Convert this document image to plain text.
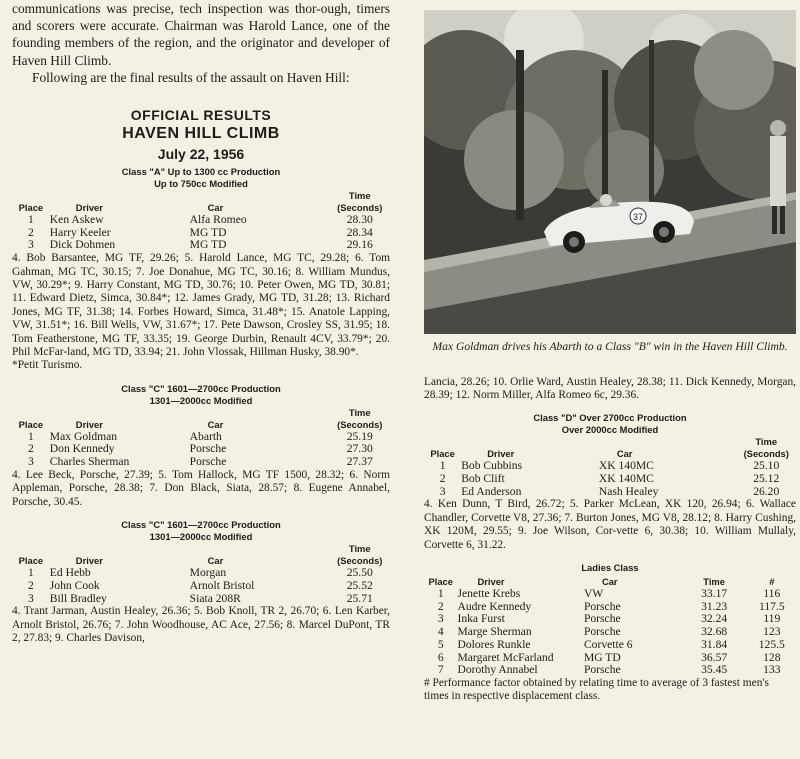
communications was precise, tech inspection was thor-ough, timers and scorers were accurate. Chairman was Harold Lance, one of the founding members of the region, and the originator and developer of Haven Hill Climb.

Following are the final results of the assault on Haven Hill:

OFFICIAL RESULTS
HAVEN HILL CLIMB
July 22, 1956
Class "A" Up to 1300 cc Production
Up to 750cc Modified
			Time
Place	Driver	Car	(Seconds)
1	Ken Askew	Alfa Romeo	28.30
2	Harry Keeler	MG TD	28.34
3	Dick Dohmen	MG TD	29.16

4. Bob Barsantee, MG TF, 29.26; 5. Harold Lance, MG TC, 29.28; 6. Tom Gahman, MG TC, 30.15; 7. Joe Donahue, MG TC, 30.16; 8. William Mundus, VW, 30.29*; 9. Harry Constant, MG TD, 30.76; 10. Peter Owen, MG TD, 30.81; 11. Edward Dietz, Simca, 30.84*; 12. James Grady, MG TD, 31.28; 13. Richard Jones, MG TF, 31.38; 14. Forbes Howard, Simca, 31.48*; 15. Anatole Lapping, VW, 31.51*; 16. Bill Wells, VW, 31.67*; 17. Pete Dawson, Crosley SS, 31.95; 18. Tom Featherstone, MG TF, 33.35; 19. George Durbin, Renault 4CV, 33.79*; 20. Phil McFar-land, MG TD, 33.94; 21. John Vlossak, Hillman Husky, 38.90*.

*Petit Turismo.

Class "C" 1601—2700cc Production
1301—2000cc Modified
			Time
Place	Driver	Car	(Seconds)
1	Max Goldman	Abarth	25.19
2	Don Kennedy	Porsche	27.30
3	Charles Sherman	Porsche	27.37

4. Lee Beck, Porsche, 27.39; 5. Tom Hallock, MG TF 1500, 28.32; 6. Norm Appleman, Porsche, 28.38; 7. Don Black, Siata, 28.57; 8. Eugene Annabel, Porsche, 30.45.

Class "C" 1601—2700cc Production
1301—2000cc Modified
			Time
Place	Driver	Car	(Seconds)
1	Ed Hebb	Morgan	25.50
2	John Cook	Arnolt Bristol	25.52
3	Bill Bradley	Siata 208R	25.71

4. Trant Jarman, Austin Healey, 26.36; 5. Bob Knoll, TR 2, 26.70; 6. Len Karber, Arnolt Bristol, 26.76; 7. John Woodhouse, AC Ace, 27.56; 8. Marcel DuPont, TR 2, 27.83; 9. Charles Davison,

37

Max Goldman drives his Abarth to a Class "B" win in the Haven Hill Climb.

Lancia, 28.26; 10. Orlie Ward, Austin Healey, 28.38; 11. Dick Kennedy, Morgan, 28.39; 12. Norm Miller, Alfa Romeo 6c, 29.36.

Class "D" Over 2700cc Production
Over 2000cc Modified
			Time
Place	Driver	Car	(Seconds)
1	Bob Cubbins	XK 140MC	25.10
2	Bob Clift	XK 140MC	25.12
3	Ed Anderson	Nash Healey	26.20

4. Ken Dunn, T Bird, 26.72; 5. Parker McLean, XK 120, 26.94; 6. Wallace Chandler, Corvette V8, 27.36; 7. Burton Jones, MG V8, 28.12; 8. Harry Cushing, XK 120M, 29.55; 9. Joe Wilson, Cor-vette 6, 30.38; 10. William Mullaly, Corvette 6, 31.22.

Ladies Class
Place	Driver	Car	Time	#
1	Jenette Krebs	VW	33.17	116
2	Audre Kennedy	Porsche	31.23	117.5
3	Inka Furst	Porsche	32.24	119
4	Marge Sherman	Porsche	32.68	123
5	Dolores Runkle	Corvette 6	31.84	125.5
6	Margaret McFarland	MG TD	36.57	128
7	Dorothy Annabel	Porsche	35.45	133

# Performance factor obtained by relating time to average of 3 fastest men's times in respective displacement class.
